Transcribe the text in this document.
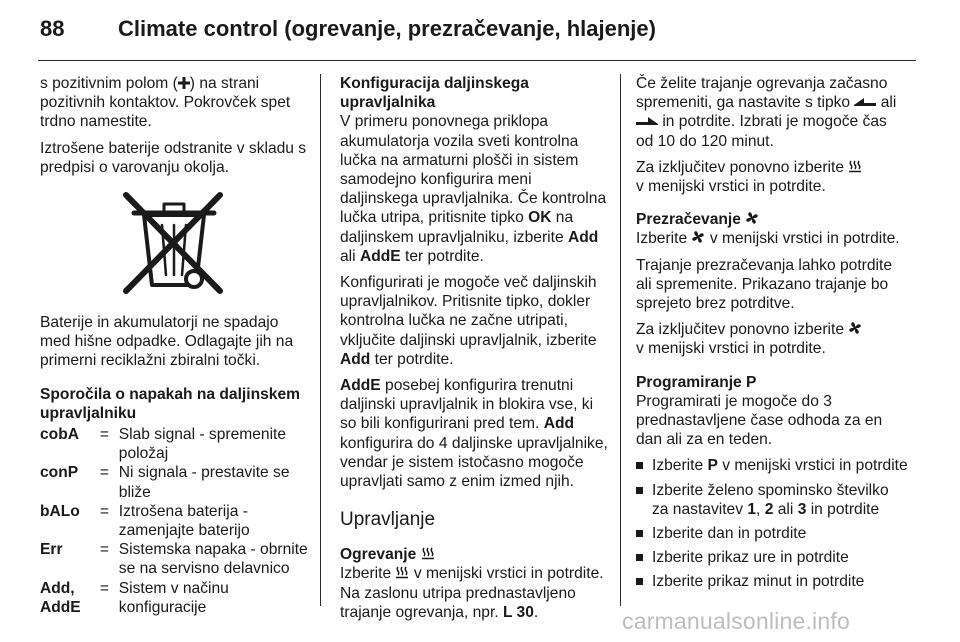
88 Climate control (ogrevanje, prezračevanje, hlajenje)

s pozitivnim polom ( ) na strani pozitivnih kontaktov. Pokrovček spet trdno namestite.

Iztrošene baterije odstranite v skladu s predpisi o varovanju okolja.

Baterije in akumulatorji ne spadajo med hišne odpadke. Odlagajte jih na primerni reciklažni zbiralni točki.

Sporočila o napakah na daljinskem upravljalniku

cobA	=	Slab signal - spremenite položaj
conP	=	Ni signala - prestavite se bliže
bALo	=	Iztrošena baterija - zamenjajte baterijo
Err	=	Sistemska napaka - obrnite se na servisno delavnico
Add, AddE	=	Sistem v načinu konfiguracije

Konfiguracija daljinskega upravljalnika

V primeru ponovnega priklopa akumulatorja vozila sveti kontrolna lučka na armaturni plošči in sistem samodejno konfigurira meni daljinskega upravljalnika. Če kontrolna lučka utripa, pritisnite tipko OK na daljinskem upravljalniku, izberite Add ali AddE ter potrdite.

Konfigurirati je mogoče več daljinskih upravljalnikov. Pritisnite tipko, dokler kontrolna lučka ne začne utripati, vključite daljinski upravljalnik, izberite Add ter potrdite.

AddE posebej konfigurira trenutni daljinski upravljalnik in blokira vse, ki so bili konfigurirani pred tem. Add konfigurira do 4 daljinske upravljalnike, vendar je sistem istočasno mogoče upravljati samo z enim izmed njih.

Upravljanje

Ogrevanje

Izberite  v menijski vrstici in potrdite. Na zaslonu utripa prednastavljeno trajanje ogrevanja, npr. L 30.

Če želite trajanje ogrevanja začasno spremeniti, ga nastavite s tipko  ali  in potrdite. Izbrati je mogoče čas od 10 do 120 minut.

Za izključitev ponovno izberite
v menijski vrstici in potrdite.

Prezračevanje

Izberite  v menijski vrstici in potrdite.

Trajanje prezračevanja lahko potrdite ali spremenite. Prikazano trajanje bo sprejeto brez potrditve.

Za izključitev ponovno izberite
v menijski vrstici in potrdite.

Programiranje P

Programirati je mogoče do 3 prednastavljene čase odhoda za en dan ali za en teden.

Izberite P v menijski vrstici in potrdite
Izberite želeno spominsko številko za nastavitev 1, 2 ali 3 in potrdite
Izberite dan in potrdite
Izberite prikaz ure in potrdite
Izberite prikaz minut in potrdite
carmanualsonline.info
